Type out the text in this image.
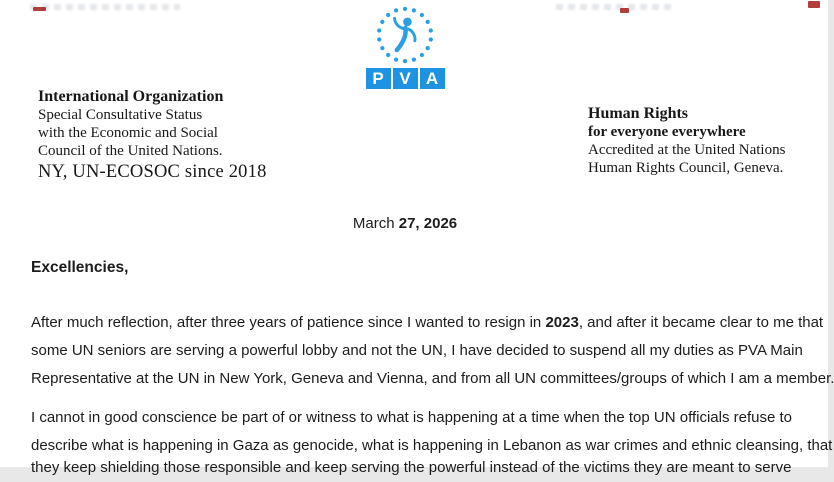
P V A
International Organization
Special Consultative Status
with the Economic and Social
Council of the United Nations.
NY, UN-ECOSOC since 2018
Human Rights
for everyone everywhere
Accredited at the United Nations
Human Rights Council, Geneva.
March 27, 2026
Excellencies,
After much reflection, after three years of patience since I wanted to resign in 2023, and after it became clear to me that
some UN seniors are serving a powerful lobby and not the UN, I have decided to suspend all my duties as PVA Main
Representative at the UN in New York, Geneva and Vienna, and from all UN committees/groups of which I am a member.
I cannot in good conscience be part of or witness to what is happening at a time when the top UN officials refuse to
describe what is happening in Gaza as genocide, what is happening in Lebanon as war crimes and ethnic cleansing, that
they keep shielding those responsible and keep serving the powerful instead of the victims they are meant to serve
